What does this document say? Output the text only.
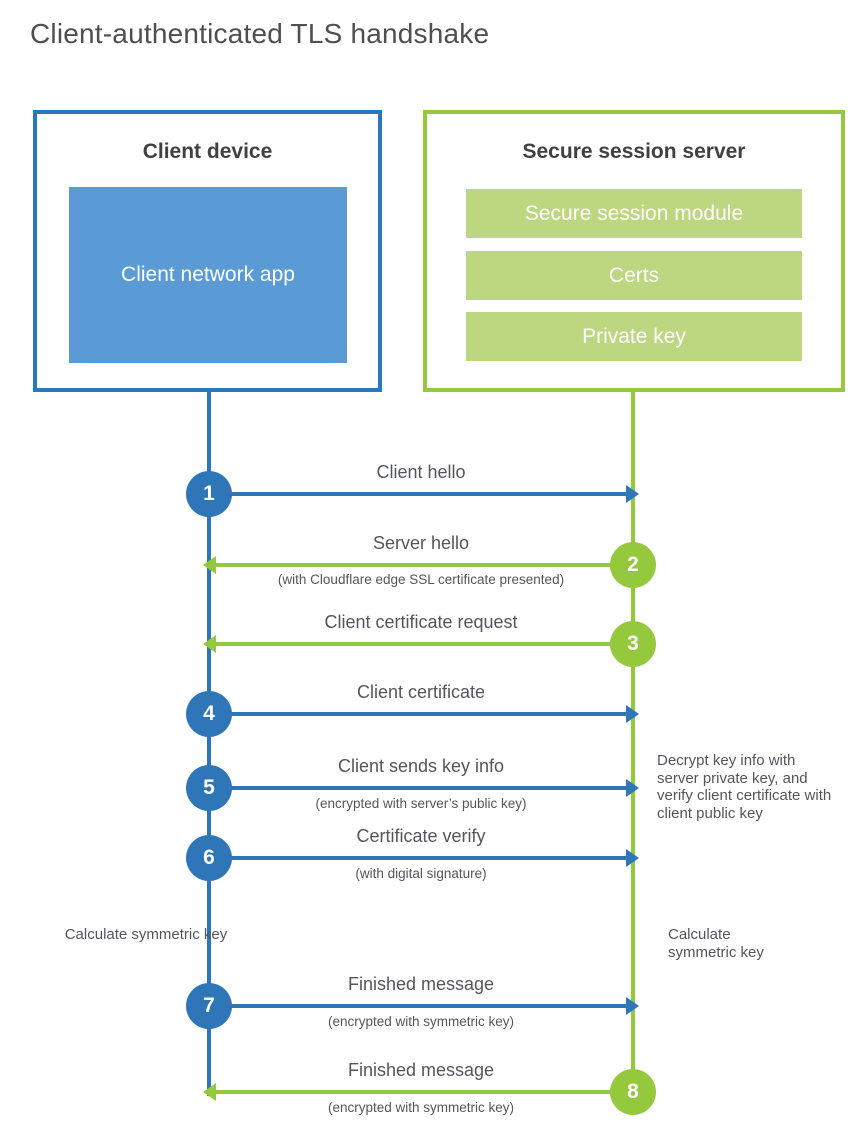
Client-authenticated TLS handshake
Client device
Client network app
Secure session server
Secure session module
Certs
Private key
Client hello
1
Server hello
(with Cloudflare edge SSL certificate presented)
2
Client certificate request
3
Client certificate
4
Client sends key info
(encrypted with server’s public key)
5
Certificate verify
(with digital signature)
6
Finished message
(encrypted with symmetric key)
7
Finished message
(encrypted with symmetric key)
8
Decrypt key info with server private key, and verify client certificate with client public key
Calculate symmetric key	Calculate symmetric key
